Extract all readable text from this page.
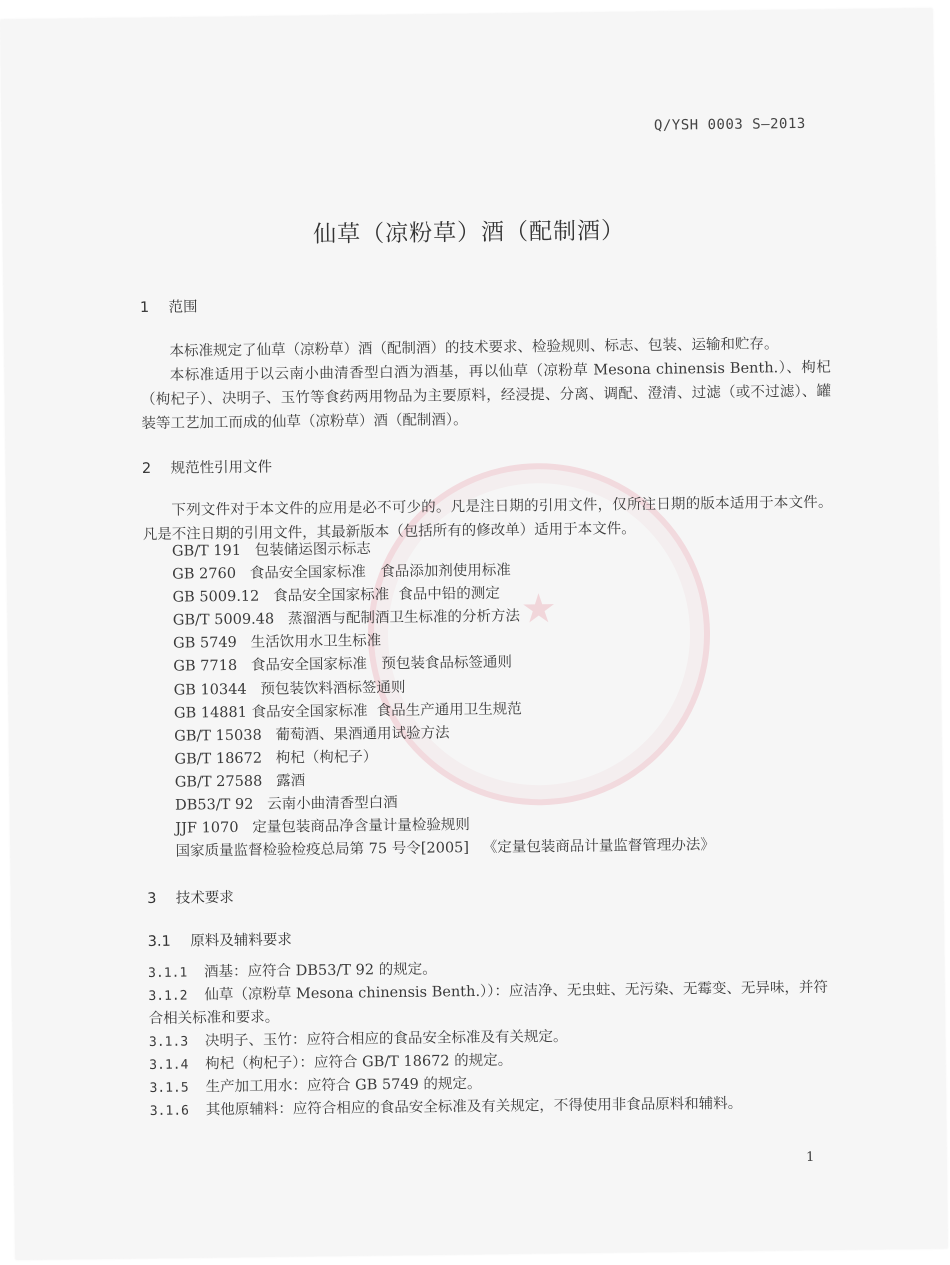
★
Q/YSH 0003 S—2013
仙草（凉粉草）酒（配制酒）
1 范围

本标准规定了仙草（凉粉草）酒（配制酒）的技术要求、检验规则、标志、包装、运输和贮存。

本标准适用于以云南小曲清香型白酒为酒基，再以仙草（凉粉草 Mesona chinensis Benth.）、枸杞（枸杞子）、决明子、玉竹等食药两用物品为主要原料，经浸提、分离、调配、澄清、过滤（或不过滤）、罐装等工艺加工而成的仙草（凉粉草）酒（配制酒）。

2 规范性引用文件

下列文件对于本文件的应用是必不可少的。凡是注日期的引用文件，仅所注日期的版本适用于本文件。凡是不注日期的引用文件，其最新版本（包括所有的修改单）适用于本文件。

GB/T 191 包装储运图示标志
GB 2760 食品安全国家标准　食品添加剂使用标准
GB 5009.12 食品安全国家标准  食品中铅的测定
GB/T 5009.48 蒸溜酒与配制酒卫生标准的分析方法
GB 5749 生活饮用水卫生标准
GB 7718 食品安全国家标准　预包装食品标签通则
GB 10344 预包装饮料酒标签通则
GB 14881 食品安全国家标准  食品生产通用卫生规范
GB/T 15038 葡萄酒、果酒通用试验方法
GB/T 18672 枸杞（枸杞子）
GB/T 27588 露酒
DB53/T 92 云南小曲清香型白酒
JJF 1070 定量包装商品净含量计量检验规则
国家质量监督检验检疫总局第 75 号令[2005] 《定量包装商品计量监督管理办法》
3 技术要求
3.1 原料及辅料要求

3.1.1 酒基：应符合 DB53/T 92 的规定。

3.1.2 仙草（凉粉草 Mesona chinensis Benth.））：应洁净、无虫蛀、无污染、无霉变、无异味，并符合相关标准和要求。

3.1.3 决明子、玉竹：应符合相应的食品安全标准及有关规定。

3.1.4 枸杞（枸杞子）：应符合 GB/T 18672 的规定。

3.1.5 生产加工用水：应符合 GB 5749 的规定。

3.1.6 其他原辅料：应符合相应的食品安全标准及有关规定，不得使用非食品原料和辅料。

1
